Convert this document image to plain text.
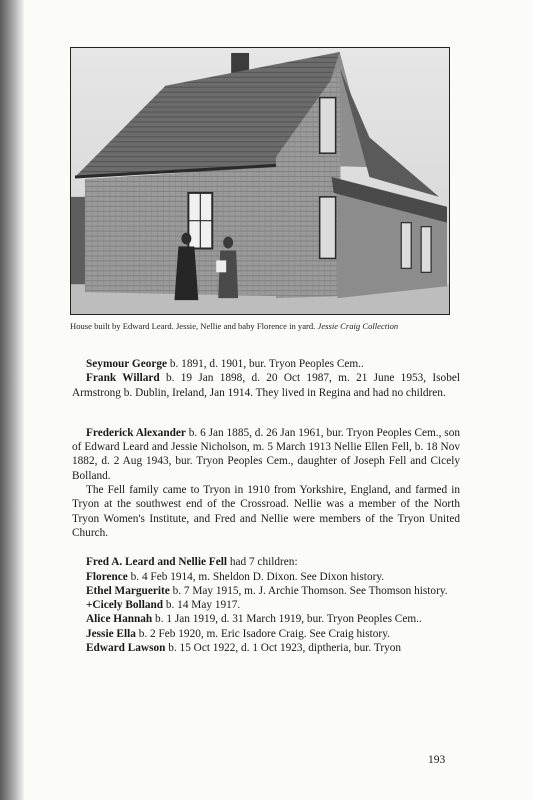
House built by Edward Leard. Jessie, Nellie and baby Florence in yard. Jessie Craig Collection

Seymour George b. 1891, d. 1901, bur. Tryon Peoples Cem..

Frank Willard b. 19 Jan 1898, d. 20 Oct 1987, m. 21 June 1953, Isobel Armstrong b. Dublin, Ireland, Jan 1914. They lived in Regina and had no children.

Frederick Alexander b. 6 Jan 1885, d. 26 Jan 1961, bur. Tryon Peoples Cem., son of Edward Leard and Jessie Nicholson, m. 5 March 1913 Nellie Ellen Fell, b. 18 Nov 1882, d. 2 Aug 1943, bur. Tryon Peoples Cem., daughter of Joseph Fell and Cicely Bolland.

The Fell family came to Tryon in 1910 from Yorkshire, England, and farmed in Tryon at the southwest end of the Crossroad. Nellie was a member of the North Tryon Women's Institute, and Fred and Nellie were members of the Tryon United Church.

Fred A. Leard and Nellie Fell had 7 children:

Florence b. 4 Feb 1914, m. Sheldon D. Dixon. See Dixon history.

Ethel Marguerite b. 7 May 1915, m. J. Archie Thomson. See Thomson history.

+Cicely Bolland b. 14 May 1917.

Alice Hannah b. 1 Jan 1919, d. 31 March 1919, bur. Tryon Peoples Cem..

Jessie Ella b. 2 Feb 1920, m. Eric Isadore Craig. See Craig history.

Edward Lawson b. 15 Oct 1922, d. 1 Oct 1923, diptheria, bur. Tryon

193
